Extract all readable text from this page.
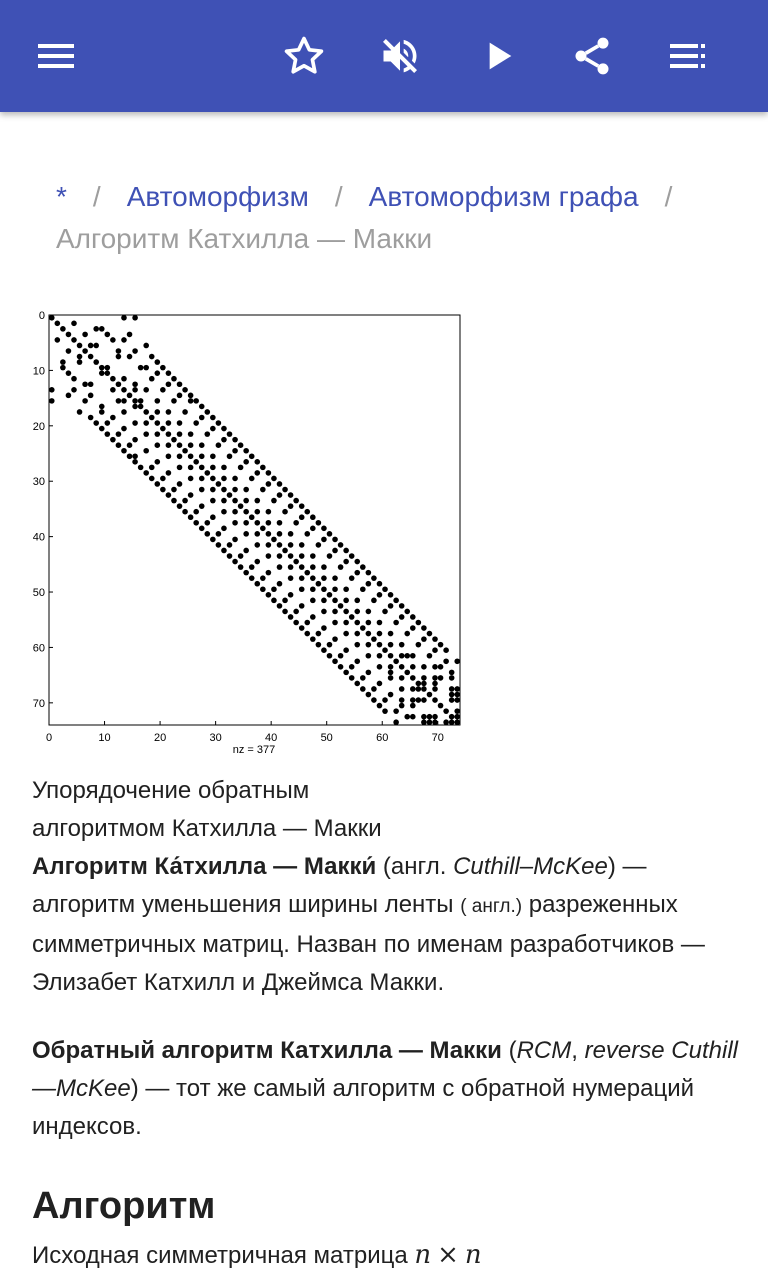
* / Автоморфизм / Автоморфизм графа /
Алгоритм Катхилла — Макки
0	10	20	30	40	50	60	70
0
10
20
30
40
50
60
70
nz = 377
Упорядочение обратным
алгоритмом Катхилла — Макки
Алгоритм Ка́тхилла — Макки́ (англ. Cuthill–McKee) — алгоритм уменьшения ширины ленты ( англ.) разреженных симметричных матриц. Назван по именам разработчиков — Элизабет Катхилл и Джеймса Макки.
Обратный алгоритм Катхилла — Макки (RCM, reverse Cuthill—McKee) — тот же самый алгоритм с обратной нумераций индексов.
Алгоритм
Исходная симметричная матрица n × n
